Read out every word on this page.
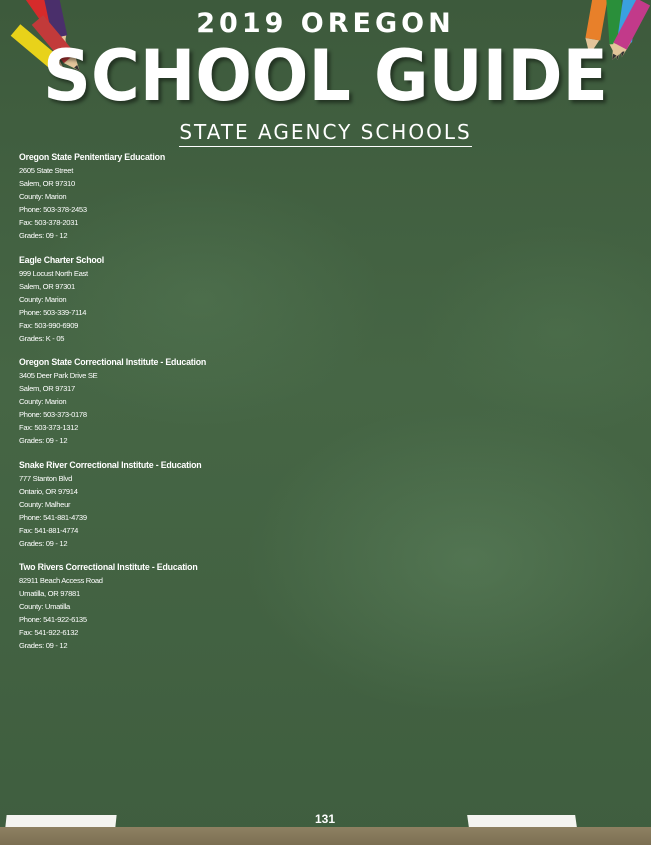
2019 OREGON
SCHOOL GUIDE
STATE AGENCY SCHOOLS
Oregon State Penitentiary Education
2605 State Street
Salem, OR 97310
County: Marion
Phone: 503-378-2453
Fax: 503-378-2031
Grades: 09 - 12
Eagle Charter School
999 Locust North East
Salem, OR 97301
County: Marion
Phone: 503-339-7114
Fax: 503-990-6909
Grades: K - 05
Oregon State Correctional Institute - Education
3405 Deer Park Drive SE
Salem, OR 97317
County: Marion
Phone: 503-373-0178
Fax: 503-373-1312
Grades: 09 - 12
Snake River Correctional Institute - Education
777 Stanton Blvd
Ontario, OR 97914
County: Malheur
Phone: 541-881-4739
Fax: 541-881-4774
Grades: 09 - 12
Two Rivers Correctional Institute - Education
82911 Beach Access Road
Umatilla, OR 97881
County: Umatilla
Phone: 541-922-6135
Fax: 541-922-6132
Grades: 09 - 12
131
